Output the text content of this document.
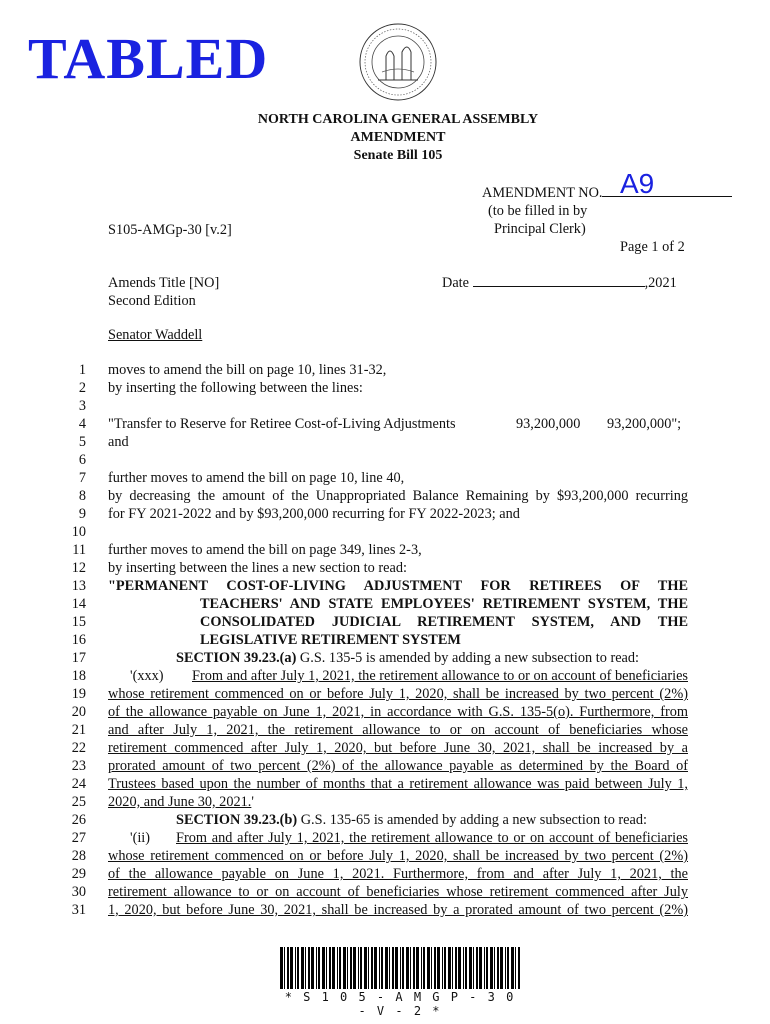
TABLED
NORTH CAROLINA GENERAL ASSEMBLY
AMENDMENT
Senate Bill 105
AMENDMENT NO. A9
(to be filled in by
Principal Clerk)
S105-AMGp-30 [v.2]
Page 1 of 2
Amends Title [NO]
Second Edition
Date	,2021
Senator Waddell
1
2
3
4
5
6
7
8
9
10
11
12
13
14
15
16
17
18
19
20
21
22
23
24
25
26
27
28
29
30
31
moves to amend the bill on page 10, lines 31-32,
by inserting the following between the lines:
"Transfer to Reserve for Retiree Cost-of-Living Adjustments	93,200,000 93,200,000";
and
further moves to amend the bill on page 10, line 40,
by decreasing the amount of the Unappropriated Balance Remaining by $93,200,000 recurring
for FY 2021-2022 and by $93,200,000 recurring for FY 2022-2023; and
further moves to amend the bill on page 349, lines 2-3,
by inserting between the lines a new section to read:
"PERMANENT COST-OF-LIVING ADJUSTMENT FOR RETIREES OF THE
TEACHERS' AND STATE EMPLOYEES' RETIREMENT SYSTEM, THE
CONSOLIDATED JUDICIAL RETIREMENT SYSTEM, AND THE
LEGISLATIVE RETIREMENT SYSTEM
SECTION 39.23.(a) G.S. 135-5 is amended by adding a new subsection to read:
'(xxx) From and after July 1, 2021, the retirement allowance to or on account of beneficiaries
whose retirement commenced on or before July 1, 2020, shall be increased by two percent (2%)
of the allowance payable on June 1, 2021, in accordance with G.S. 135-5(o). Furthermore, from
and after July 1, 2021, the retirement allowance to or on account of beneficiaries whose
retirement commenced after July 1, 2020, but before June 30, 2021, shall be increased by a
prorated amount of two percent (2%) of the allowance payable as determined by the Board of
Trustees based upon the number of months that a retirement allowance was paid between July 1,
2020, and June 30, 2021.'
SECTION 39.23.(b) G.S. 135-65 is amended by adding a new subsection to read:
'(ii) From and after July 1, 2021, the retirement allowance to or on account of beneficiaries
whose retirement commenced on or before July 1, 2020, shall be increased by two percent (2%)
of the allowance payable on June 1, 2021. Furthermore, from and after July 1, 2021, the
retirement allowance to or on account of beneficiaries whose retirement commenced after July
1, 2020, but before June 30, 2021, shall be increased by a prorated amount of two percent (2%)
* S 1 0 5 - A M G P - 3 0 - V - 2 *
